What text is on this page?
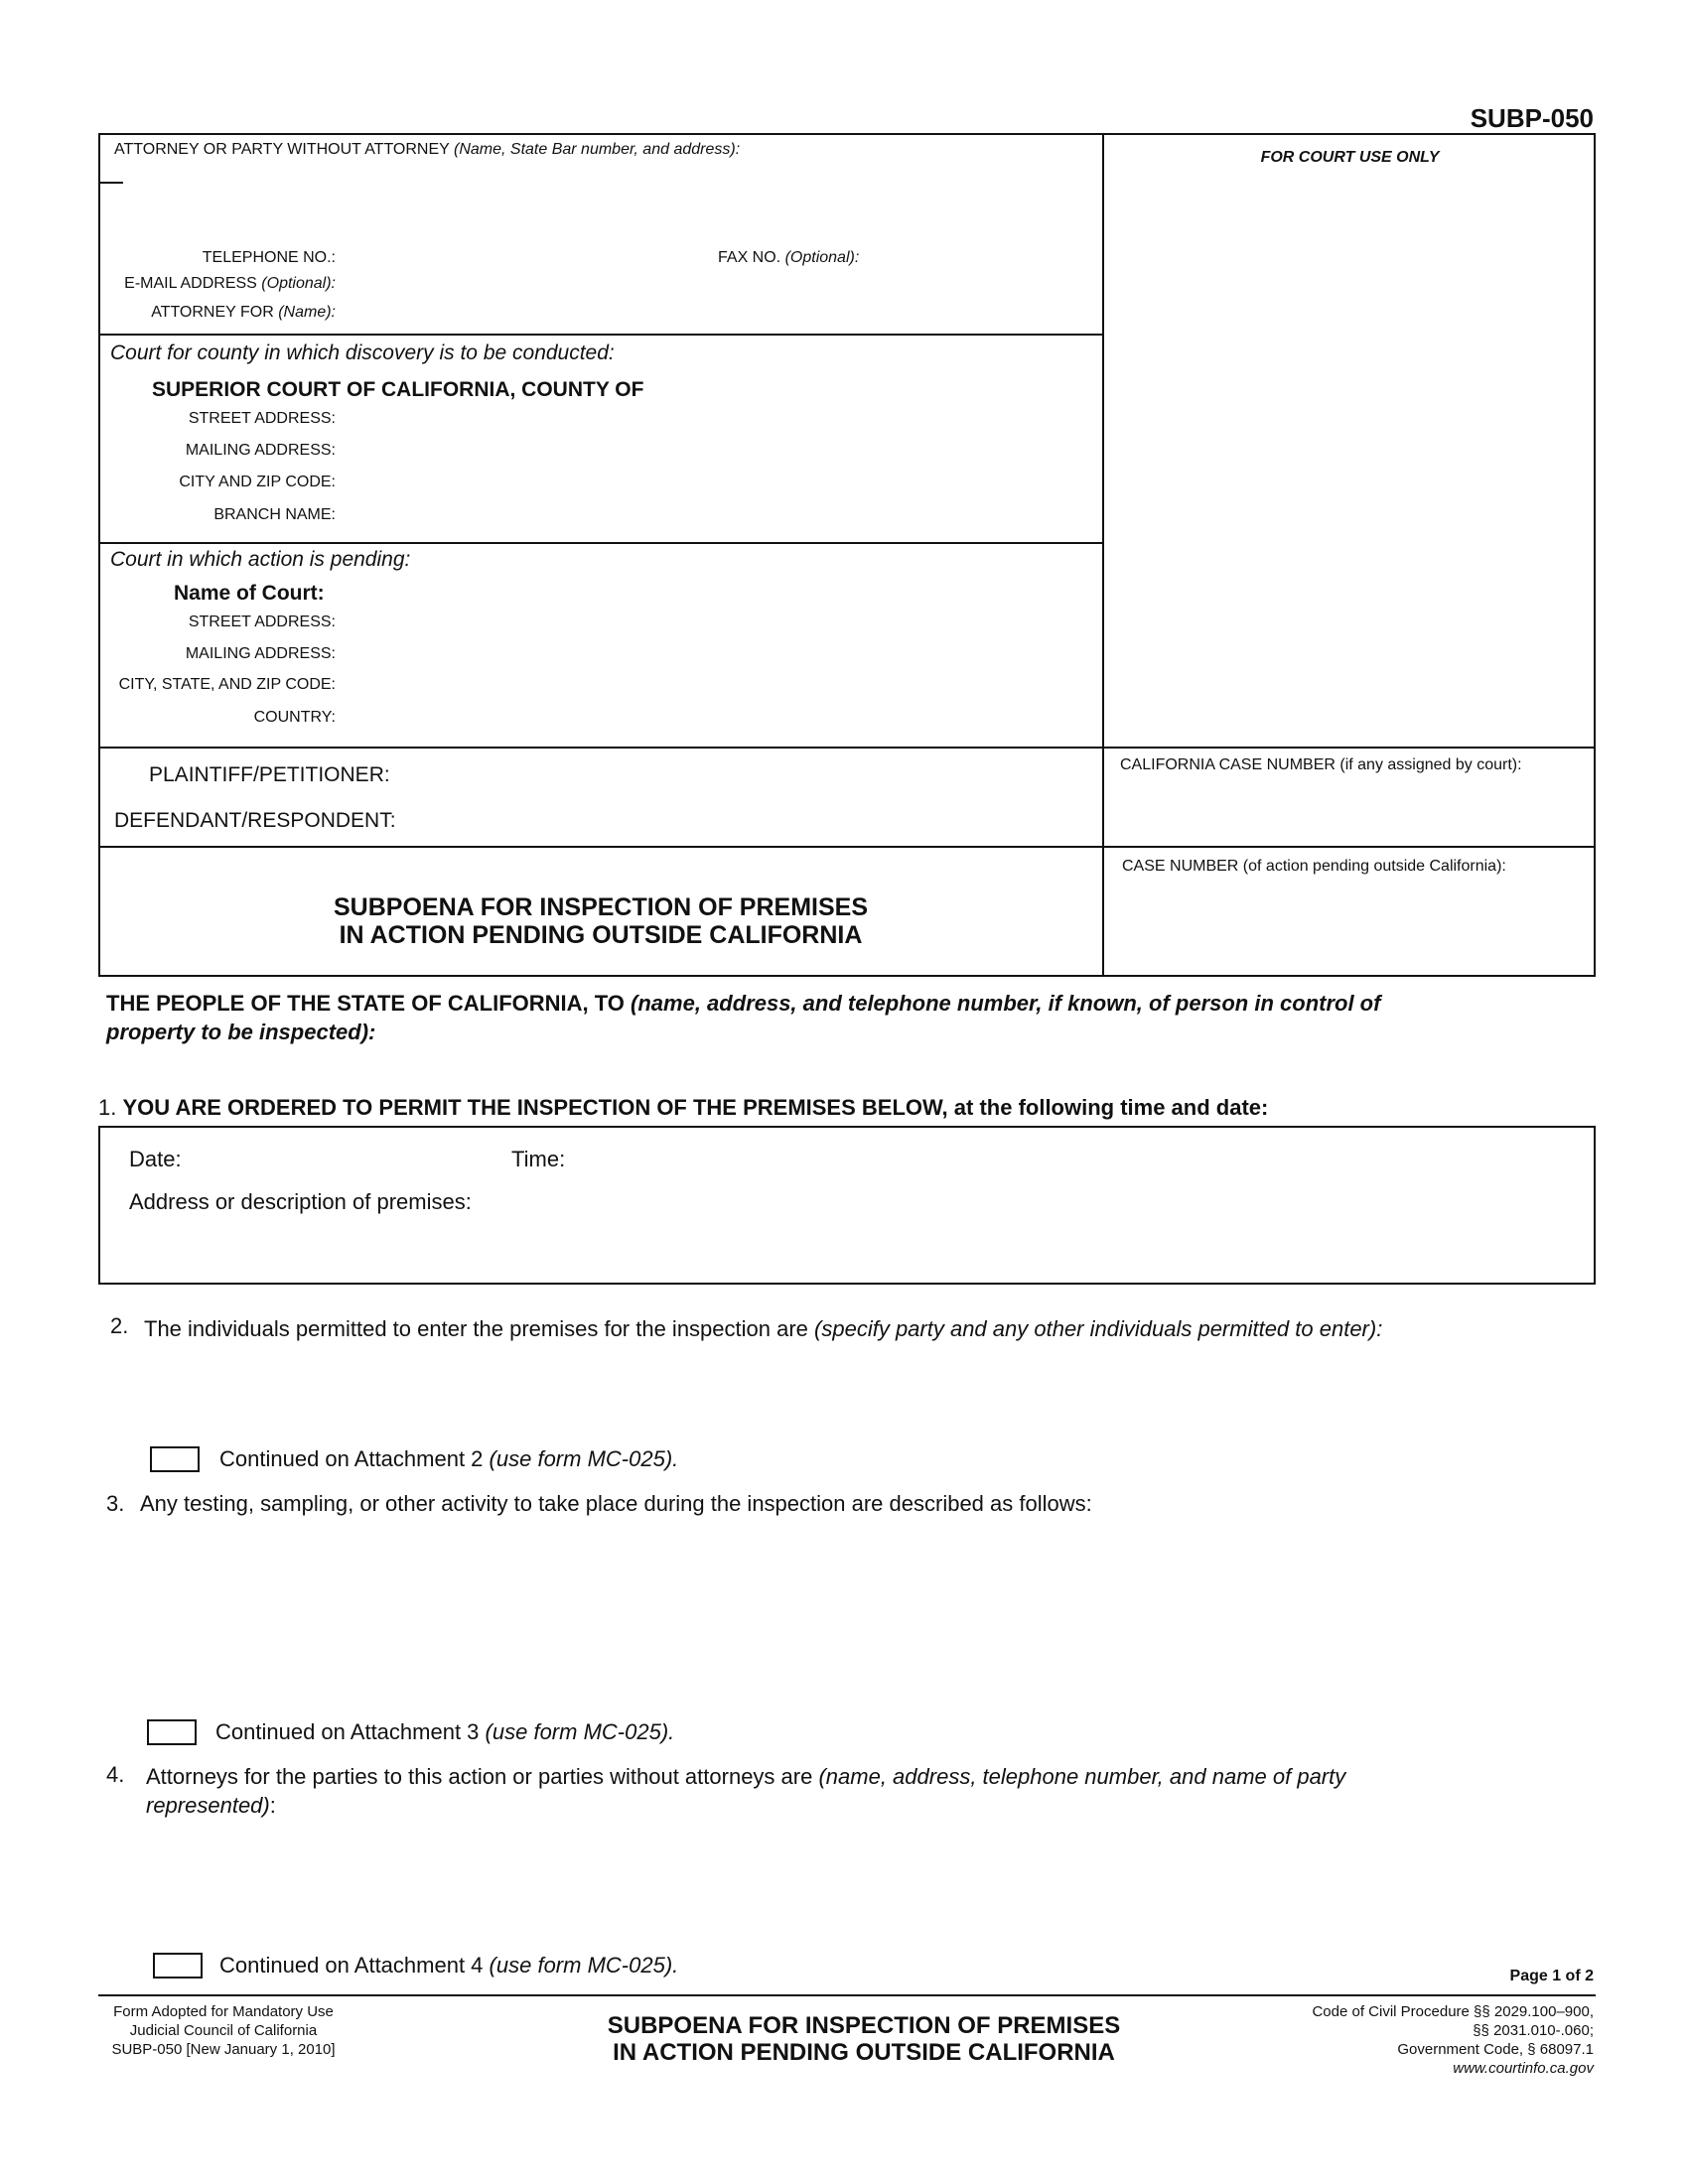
SUBP-050
ATTORNEY OR PARTY WITHOUT ATTORNEY (Name, State Bar number, and address):	FOR COURT USE ONLY
TELEPHONE NO.:	FAX NO. (Optional):
E-MAIL ADDRESS (Optional):
ATTORNEY FOR (Name):
Court for county in which discovery is to be conducted:
SUPERIOR COURT OF CALIFORNIA, COUNTY OF
STREET ADDRESS:
MAILING ADDRESS:
CITY AND ZIP CODE:
BRANCH NAME:
Court in which action is pending:
Name of Court:
STREET ADDRESS:
MAILING ADDRESS:
CITY, STATE, AND ZIP CODE:
COUNTRY:
PLAINTIFF/PETITIONER:
DEFENDANT/RESPONDENT:
CALIFORNIA CASE NUMBER (if any assigned by court):
SUBPOENA FOR INSPECTION OF PREMISES
IN ACTION PENDING OUTSIDE CALIFORNIA
CASE NUMBER (of action pending outside California):
THE PEOPLE OF THE STATE OF CALIFORNIA, TO (name, address, and telephone number, if known, of person in control of
property to be inspected):
1. YOU ARE ORDERED TO PERMIT THE INSPECTION OF THE PREMISES BELOW, at the following time and date:
Date:	Time:
Address or description of premises:
2. The individuals permitted to enter the premises for the inspection are (specify party and any other individuals permitted to enter):
Continued on Attachment 2 (use form MC-025).
3. Any testing, sampling, or other activity to take place during the inspection are described as follows:
Continued on Attachment 3 (use form MC-025).
4. Attorneys for the parties to this action or parties without attorneys are (name, address, telephone number, and name of party
represented):
Continued on Attachment 4 (use form MC-025).	Page 1 of 2
Form Adopted for Mandatory Use
Judicial Council of California
SUBP-050 [New January 1, 2010]
SUBPOENA FOR INSPECTION OF PREMISES
IN ACTION PENDING OUTSIDE CALIFORNIA
Code of Civil Procedure §§ 2029.100–900,
§§ 2031.010-.060;
Government Code, § 68097.1
www.courtinfo.ca.gov
